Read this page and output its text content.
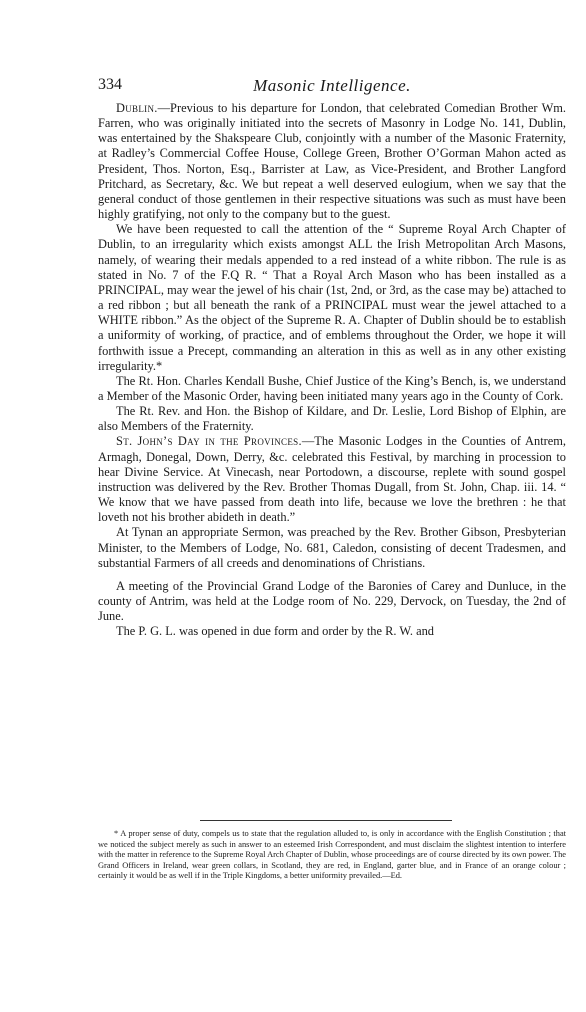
334	Masonic Intelligence.

Dublin.—Previous to his departure for London, that celebrated Comedian Brother Wm. Farren, who was originally initiated into the secrets of Masonry in Lodge No. 141, Dublin, was entertained by the Shakspeare Club, conjointly with a number of the Masonic Fraternity, at Radley’s Commercial Coffee House, College Green, Brother O’Gorman Mahon acted as President, Thos. Norton, Esq., Barrister at Law, as Vice-President, and Brother Langford Pritchard, as Secretary, &c. We but repeat a well deserved eulogium, when we say that the general conduct of those gentlemen in their respective situations was such as must have been highly gratifying, not only to the company but to the guest.

We have been requested to call the attention of the “ Supreme Royal Arch Chapter of Dublin, to an irregularity which exists amongst ALL the Irish Metropolitan Arch Masons, namely, of wearing their medals appended to a red instead of a white ribbon. The rule is as stated in No. 7 of the F.Q R. “ That a Royal Arch Mason who has been installed as a PRINCIPAL, may wear the jewel of his chair (1st, 2nd, or 3rd, as the case may be) attached to a red ribbon ; but all beneath the rank of a PRINCIPAL must wear the jewel attached to a WHITE ribbon.” As the object of the Supreme R. A. Chapter of Dublin should be to establish a uniformity of working, of practice, and of emblems throughout the Order, we hope it will forthwith issue a Precept, commanding an alteration in this as well as in any other existing irregularity.*

The Rt. Hon. Charles Kendall Bushe, Chief Justice of the King’s Bench, is, we understand a Member of the Masonic Order, having been initiated many years ago in the County of Cork.

The Rt. Rev. and Hon. the Bishop of Kildare, and Dr. Leslie, Lord Bishop of Elphin, are also Members of the Fraternity.

St. John’s Day in the Provinces.—The Masonic Lodges in the Counties of Antrem, Armagh, Donegal, Down, Derry, &c. celebrated this Festival, by marching in procession to hear Divine Service. At Vinecash, near Portodown, a discourse, replete with sound gospel instruction was delivered by the Rev. Brother Thomas Dugall, from St. John, Chap. iii. 14. “ We know that we have passed from death into life, because we love the brethren : he that loveth not his brother abideth in death.”

At Tynan an appropriate Sermon, was preached by the Rev. Brother Gibson, Presbyterian Minister, to the Members of Lodge, No. 681, Caledon, consisting of decent Tradesmen, and substantial Farmers of all creeds and denominations of Christians.

A meeting of the Provincial Grand Lodge of the Baronies of Carey and Dunluce, in the county of Antrim, was held at the Lodge room of No. 229, Dervock, on Tuesday, the 2nd of June.

The P. G. L. was opened in due form and order by the R. W. and

* A proper sense of duty, compels us to state that the regulation alluded to, is only in accordance with the English Constitution ; that we noticed the subject merely as such in answer to an esteemed Irish Correspondent, and must disclaim the slightest intention to interfere with the matter in reference to the Supreme Royal Arch Chapter of Dublin, whose proceedings are of course directed by its own power. The Grand Officers in Ireland, wear green collars, in Scotland, they are red, in England, garter blue, and in France of an orange colour ; certainly it would be as well if in the Triple Kingdoms, a better uniformity prevailed.—Ed.
